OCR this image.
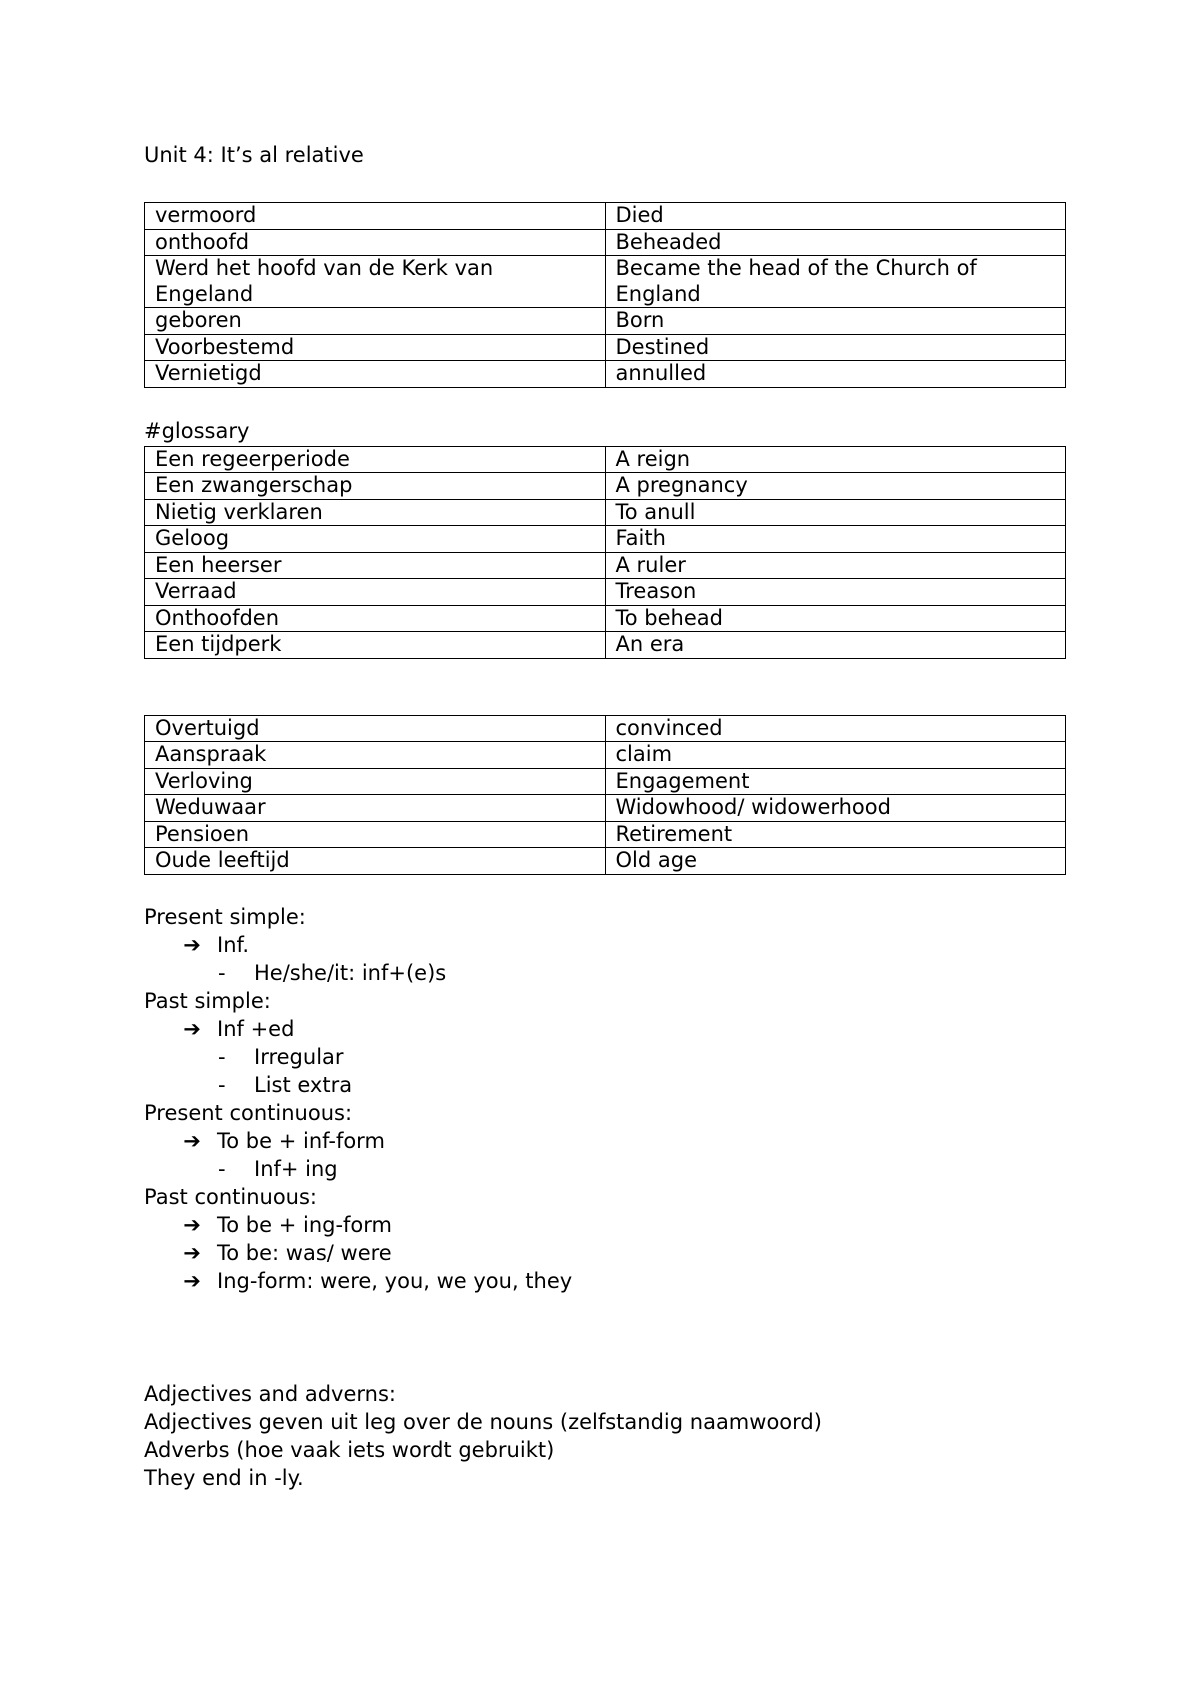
Unit 4: It’s al relative
vermoord	Died
onthoofd	Beheaded
Werd het hoofd van de Kerk van Engeland	Became the head of the Church of England
geboren	Born
Voorbestemd	Destined
Vernietigd	annulled
#glossary
Een regeerperiode	A reign
Een zwangerschap	A pregnancy
Nietig verklaren	To anull
Geloog	Faith
Een heerser	A ruler
Verraad	Treason
Onthoofden	To behead
Een tijdperk	An era
Overtuigd	convinced
Aanspraak	claim
Verloving	Engagement
Weduwaar	Widowhood/ widowerhood
Pensioen	Retirement
Oude leeftijd	Old age
Present simple:
➔ Inf.
- He/she/it: inf+(e)s
Past simple:
➔ Inf +ed
- Irregular
- List extra
Present continuous:
➔ To be + inf-form
- Inf+ ing
Past continuous:
➔ To be + ing-form
➔ To be: was/ were
➔ Ing-form: were, you, we you, they
Adjectives and adverns:
Adjectives geven uit leg over de nouns (zelfstandig naamwoord)
Adverbs (hoe vaak iets wordt gebruikt)
They end in -ly.
